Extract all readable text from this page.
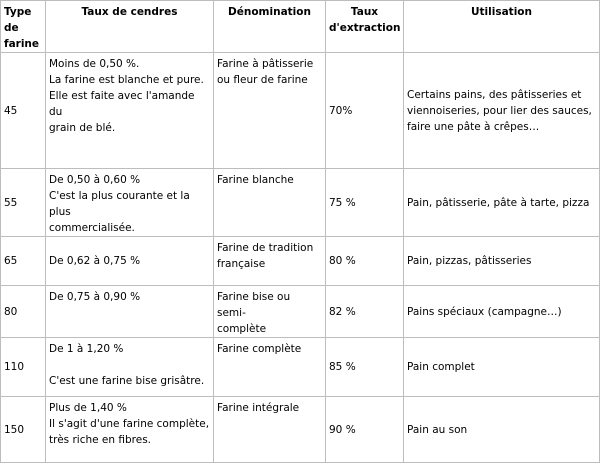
Type de farine	Taux de cendres	Dénomination	Taux d'extraction	Utilisation
45	Moins de 0,50 %.
La farine est blanche et pure.
Elle est faite avec l'amande du
grain de blé.	Farine à pâtisserie
ou fleur de farine	70%	Certains pains, des pâtisseries et
viennoiseries, pour lier des sauces,
faire une pâte à crêpes…

55	De 0,50 à 0,60 %
C'est la plus courante et la plus
commercialisée.	Farine blanche	75 %	Pain, pâtisserie, pâte à tarte, pizza

65	De 0,62 à 0,75 %	Farine de tradition
française	80 %	Pain, pizzas, pâtisseries

80	De 0,75 à 0,90 %	Farine bise ou semi-
complète	82 %	Pains spéciaux (campagne…)

110	De 1 à 1,20 %
C'est une farine bise grisâtre.	Farine complète	85 %	Pain complet

150	Plus de 1,40 %
Il s'agit d'une farine complète,
très riche en fibres.	Farine intégrale	90 %	Pain au son
